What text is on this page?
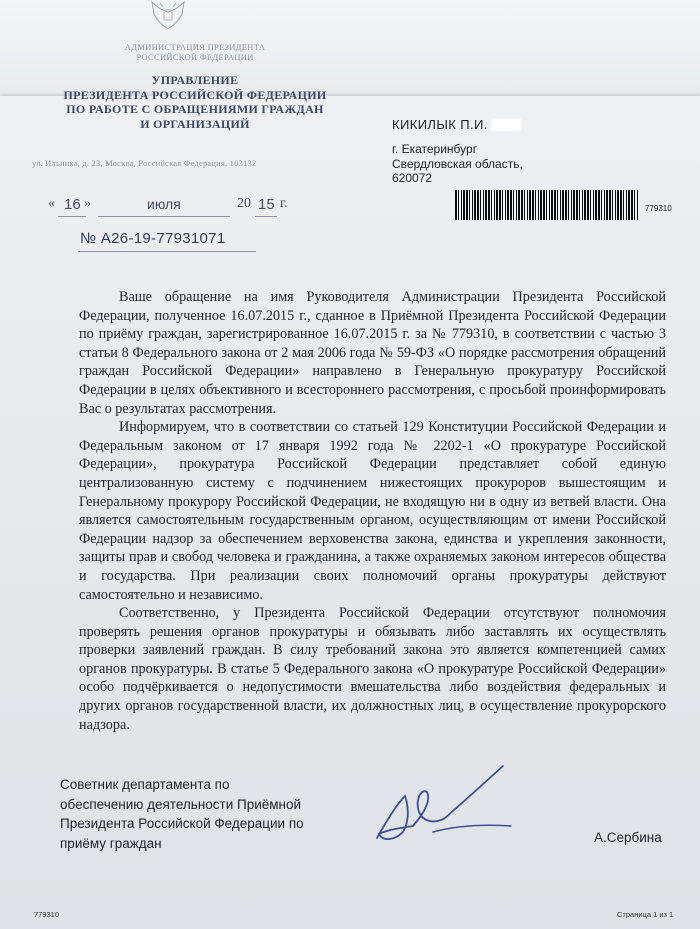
АДМИНИСТРАЦИЯ ПРЕЗИДЕНТА
РОССИЙСКОЙ ФЕДЕРАЦИИ
УПРАВЛЕНИЕ
ПРЕЗИДЕНТА РОССИЙСКОЙ ФЕДЕРАЦИИ
ПО РАБОТЕ С ОБРАЩЕНИЯМИ ГРАЖДАН
И ОРГАНИЗАЦИЙ
ул. Ильинка, д. 23, Москва, Российская Федерация, 103132
« 16 »	июля	20 15 г.
№ А26-19-77931071
КИКИЛЫК П.И.
г. Екатеринбург
Свердловская область,
620072
779310

Ваше обращение на имя Руководителя Администрации Президента Российской Федерации, полученное 16.07.2015 г., сданное в Приёмной Президента Российской Федерации по приёму граждан, зарегистрированное 16.07.2015 г. за № 779310, в соответствии с частью 3 статьи 8 Федерального закона от 2 мая 2006 года № 59-ФЗ «О порядке рассмотрения обращений граждан Российской Федерации» направлено в Генеральную прокуратуру Российской Федерации в целях объективного и всестороннего рассмотрения, с просьбой проинформировать Вас о результатах рассмотрения.

Информируем, что в соответствии со статьей 129 Конституции Российской Федерации и Федеральным законом от 17 января 1992 года № 2202-1 «О прокуратуре Российской Федерации», прокуратура Российской Федерации представляет собой единую централизованную систему с подчинением нижестоящих прокуроров вышестоящим и Генеральному прокурору Российской Федерации, не входящую ни в одну из ветвей власти. Она является самостоятельным государственным органом, осуществляющим от имени Российской Федерации надзор за обеспечением верховенства закона, единства и укрепления законности, защиты прав и свобод человека и гражданина, а также охраняемых законом интересов общества и государства. При реализации своих полномочий органы прокуратуры действуют самостоятельно и независимо.

Соответственно, у Президента Российской Федерации отсутствуют полномочия проверять решения органов прокуратуры и обязывать либо заставлять их осуществлять проверки заявлений граждан. В силу требований закона это является компетенцией самих органов прокуратуры. В статье 5 Федерального закона «О прокуратуре Российской Федерации» особо подчёркивается о недопустимости вмешательства либо воздействия федеральных и других органов государственной власти, их должностных лиц, в осуществление прокурорского надзора.

Советник департамента по
обеспечению деятельности Приёмной
Президента Российской Федерации по
приёму граждан	А.Сербина
779310	Страница 1 из 1
